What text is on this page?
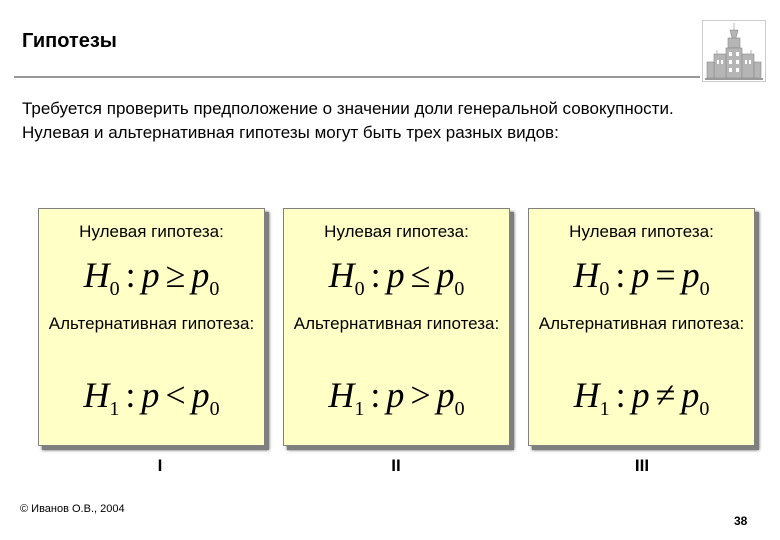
Гипотезы
Требуется проверить предположение о значении доли генеральной совокупности. Нулевая и альтернативная гипотезы могут быть трех разных видов:
Нулевая гипотеза:
$H_0$ : $p \ge p_0$
Альтернативная гипотеза:
$H_1$ : $p < p_0$
Нулевая гипотеза:
$H_0$ : $p \le p_0$
Альтернативная гипотеза:
$H_1$ : $p > p_0$
Нулевая гипотеза:
$H_0$ : $p = p_0$
Альтернативная гипотеза:
$H_1$ : $p \ne p_0$
I	II	III
© Иванов О.В., 2004
38
